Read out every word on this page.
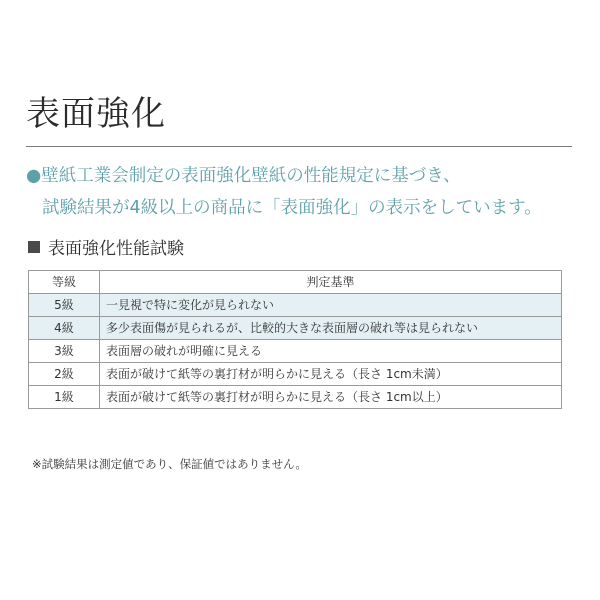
表面強化
●壁紙工業会制定の表面強化壁紙の性能規定に基づき、
試験結果が4級以上の商品に「表面強化」の表示をしています。
表面強化性能試験
等級	判定基準
5級	一見視で特に変化が見られない
4級	多少表面傷が見られるが、比較的大きな表面層の破れ等は見られない
3級	表面層の破れが明確に見える
2級	表面が破けて紙等の裏打材が明らかに見える（長さ 1cm未満）
1級	表面が破けて紙等の裏打材が明らかに見える（長さ 1cm以上）
※試験結果は測定値であり、保証値ではありません。
